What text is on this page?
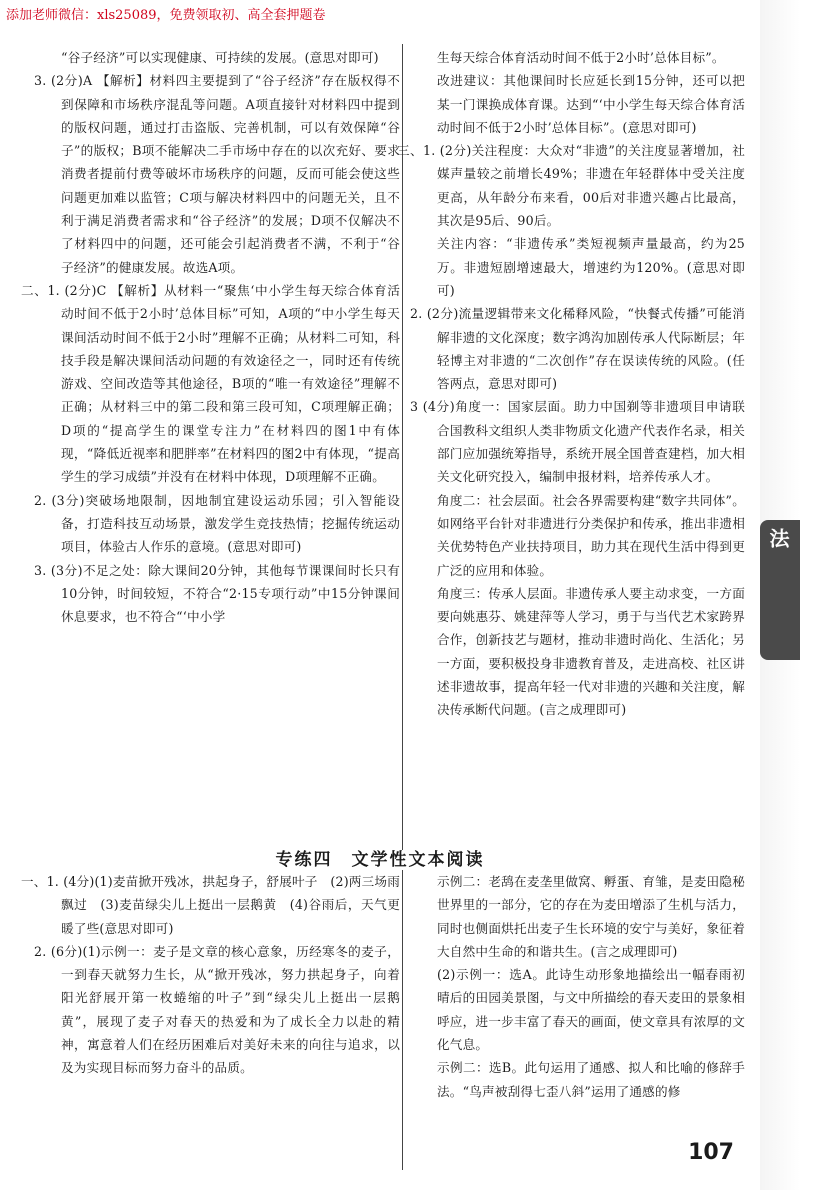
添加老师微信：xls25089，免费领取初、高全套押题卷

“谷子经济”可以实现健康、可持续的发展。(意思对即可)

3. (2分)A 【解析】材料四主要提到了“谷子经济”存在版权得不到保障和市场秩序混乱等问题。A项直接针对材料四中提到的版权问题，通过打击盗版、完善机制，可以有效保障“谷子”的版权；B项不能解决二手市场中存在的以次充好、要求消费者提前付费等破坏市场秩序的问题，反而可能会使这些问题更加难以监管；C项与解决材料四中的问题无关，且不利于满足消费者需求和“谷子经济”的发展；D项不仅解决不了材料四中的问题，还可能会引起消费者不满，不利于“谷子经济”的健康发展。故选A项。

二、1. (2分)C 【解析】从材料一“聚焦‘中小学生每天综合体育活动时间不低于2小时’总体目标”可知，A项的“中小学生每天课间活动时间不低于2小时”理解不正确；从材料二可知，科技手段是解决课间活动问题的有效途径之一，同时还有传统游戏、空间改造等其他途径，B项的“唯一有效途径”理解不正确；从材料三中的第二段和第三段可知，C项理解正确；D项的“提高学生的课堂专注力”在材料四的图1中有体现，“降低近视率和肥胖率”在材料四的图2中有体现，“提高学生的学习成绩”并没有在材料中体现，D项理解不正确。

2. (3分)突破场地限制，因地制宜建设运动乐园；引入智能设备，打造科技互动场景，激发学生竞技热情；挖掘传统运动项目，体验古人作乐的意境。(意思对即可)

3. (3分)不足之处：除大课间20分钟，其他每节课课间时长只有10分钟，时间较短，不符合“2·15专项行动”中15分钟课间休息要求，也不符合“‘中小学

生每天综合体育活动时间不低于2小时’总体目标”。

改进建议：其他课间时长应延长到15分钟，还可以把某一门课换成体育课。达到“‘中小学生每天综合体育活动时间不低于2小时’总体目标”。(意思对即可)

三、1. (2分)关注程度：大众对“非遗”的关注度显著增加，社媒声量较之前增长49%；非遗在年轻群体中受关注度更高，从年龄分布来看，00后对非遗兴趣占比最高，其次是95后、90后。

关注内容：“非遗传承”类短视频声量最高，约为25万。非遗短剧增速最大，增速约为120%。(意思对即可)

2. (2分)流量逻辑带来文化稀释风险，“快餐式传播”可能消解非遗的文化深度；数字鸿沟加剧传承人代际断层；年轻博主对非遗的“二次创作”存在误读传统的风险。(任答两点，意思对即可)

3 (4分)角度一：国家层面。助力中国剃等非遗项目申请联合国教科文组织人类非物质文化遗产代表作名录，相关部门应加强统筹指导，系统开展全国普查建档，加大相关文化研究投入，编制申报材料，培养传承人才。

角度二：社会层面。社会各界需要构建“数字共同体”。如网络平台针对非遗进行分类保护和传承，推出非遗相关优势特色产业扶持项目，助力其在现代生活中得到更广泛的应用和体验。

角度三：传承人层面。非遗传承人要主动求变，一方面要向姚惠芬、姚建萍等人学习，勇于与当代艺术家跨界合作，创新技艺与题材，推动非遗时尚化、生活化；另一方面，要积极投身非遗教育普及，走进高校、社区讲述非遗故事，提高年轻一代对非遗的兴趣和关注度，解决传承断代问题。(言之成理即可)

专练四　文学性文本阅读

一、1. (4分)(1)麦苗掀开残冰，拱起身子，舒展叶子　(2)两三场雨飘过　(3)麦苗绿尖儿上挺出一层鹅黄　(4)谷雨后，天气更暖了些(意思对即可)

2. (6分)(1)示例一：麦子是文章的核心意象，历经寒冬的麦子，一到春天就努力生长，从“掀开残冰，努力拱起身子，向着阳光舒展开第一枚蜷缩的叶子”到“绿尖儿上挺出一层鹅黄”，展现了麦子对春天的热爱和为了成长全力以赴的精神，寓意着人们在经历困难后对美好未来的向往与追求，以及为实现目标而努力奋斗的品质。

示例二：老鸹在麦垄里做窝、孵蛋、育雏，是麦田隐秘世界里的一部分，它的存在为麦田增添了生机与活力，同时也侧面烘托出麦子生长环境的安宁与美好，象征着大自然中生命的和谐共生。(言之成理即可)

(2)示例一：选A。此诗生动形象地描绘出一幅春雨初晴后的田园美景图，与文中所描绘的春天麦田的景象相呼应，进一步丰富了春天的画面，使文章具有浓厚的文化气息。

示例二：选B。此句运用了通感、拟人和比喻的修辞手法。“鸟声被刮得七歪八斜”运用了通感的修

重难题新考法
107
